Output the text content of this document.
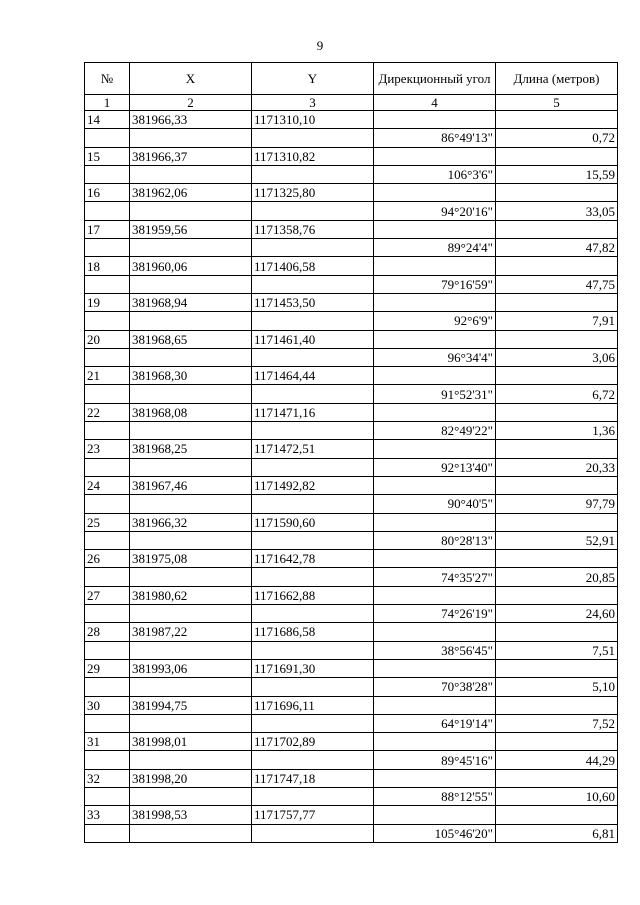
9
№	X	Y	Дирекционный угол	Длина (метров)
1	2	3	4	5
14	381966,33	1171310,10		
			86°49'13"	0,72
15	381966,37	1171310,82		
			106°3'6"	15,59
16	381962,06	1171325,80		
			94°20'16"	33,05
17	381959,56	1171358,76		
			89°24'4"	47,82
18	381960,06	1171406,58		
			79°16'59"	47,75
19	381968,94	1171453,50		
			92°6'9"	7,91
20	381968,65	1171461,40		
			96°34'4"	3,06
21	381968,30	1171464,44		
			91°52'31"	6,72
22	381968,08	1171471,16		
			82°49'22"	1,36
23	381968,25	1171472,51		
			92°13'40"	20,33
24	381967,46	1171492,82		
			90°40'5"	97,79
25	381966,32	1171590,60		
			80°28'13"	52,91
26	381975,08	1171642,78		
			74°35'27"	20,85
27	381980,62	1171662,88		
			74°26'19"	24,60
28	381987,22	1171686,58		
			38°56'45"	7,51
29	381993,06	1171691,30		
			70°38'28"	5,10
30	381994,75	1171696,11		
			64°19'14"	7,52
31	381998,01	1171702,89		
			89°45'16"	44,29
32	381998,20	1171747,18		
			88°12'55"	10,60
33	381998,53	1171757,77		
			105°46'20"	6,81
